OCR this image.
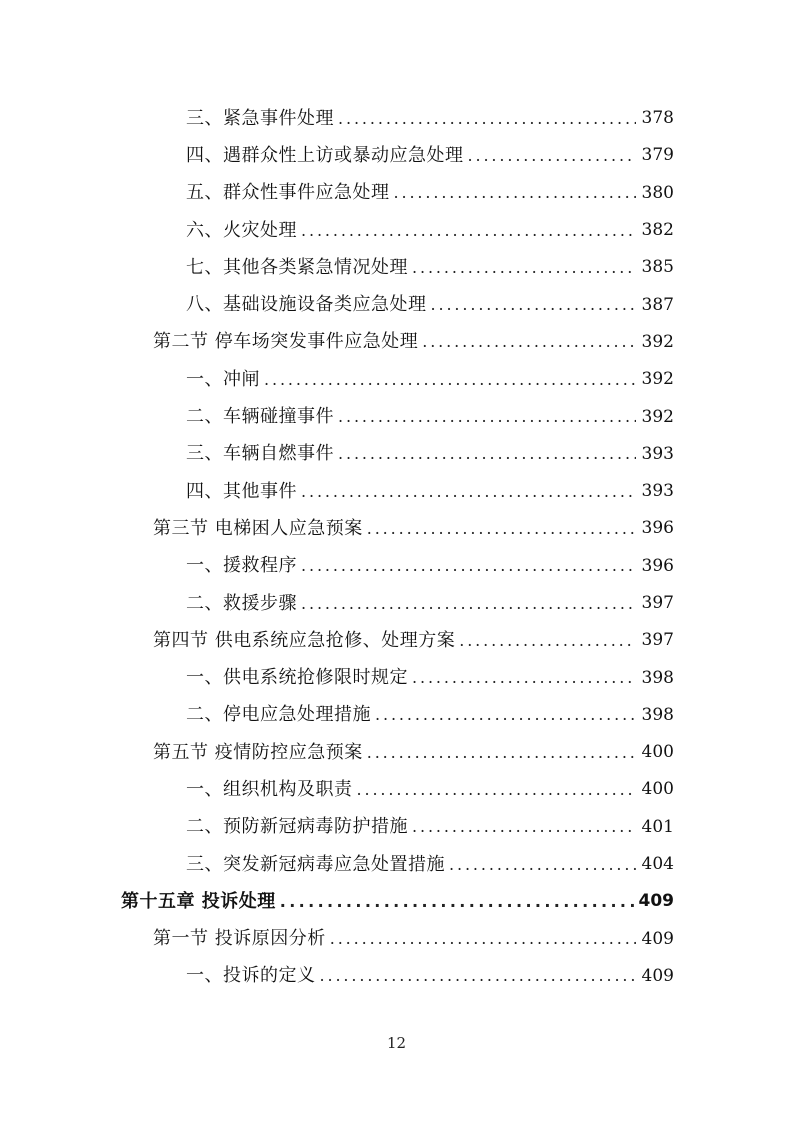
三、紧急事件处理 . . .	378
四、遇群众性上访或暴动应急处理 . . .	379
五、群众性事件应急处理 . . .	380
六、火灾处理 . . .	382
七、其他各类紧急情况处理 . . .	385
八、基础设施设备类应急处理 . . .	387
第二节 停车场突发事件应急处理 . . .	392
一、冲闸 . . .	392
二、车辆碰撞事件 . . .	392
三、车辆自燃事件 . . .	393
四、其他事件 . . .	393
第三节 电梯困人应急预案 . . .	396
一、援救程序 . . .	396
二、救援步骤 . . .	397
第四节 供电系统应急抢修、处理方案 . . .	397
一、供电系统抢修限时规定 . . .	398
二、停电应急处理措施 . . .	398
第五节 疫情防控应急预案 . . .	400
一、组织机构及职责 . . .	400
二、预防新冠病毒防护措施 . . .	401
三、突发新冠病毒应急处置措施 . . .	404
第十五章 投诉处理 . . .	409
第一节 投诉原因分析 . . .	409
一、投诉的定义 . . .	409
12
